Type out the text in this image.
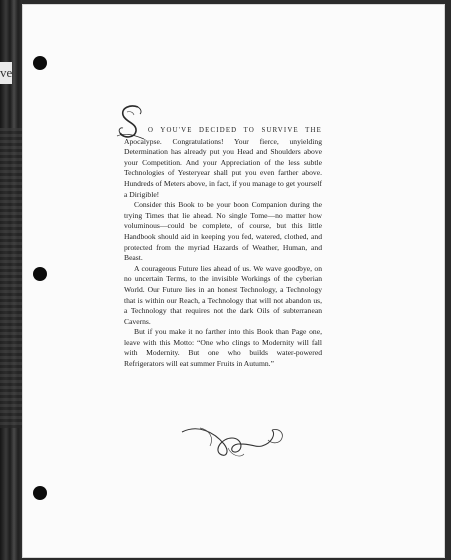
ve

O YOU'VE DECIDED TO SURVIVE THE Apocalypse. Congratulations! Your fierce, unyielding Determination has already put you Head and Shoulders above your Competition. And your Appreciation of the less subtle Technologies of Yesteryear shall put you even farther above. Hundreds of Meters above, in fact, if you manage to get yourself a Dirigible!

Consider this Book to be your boon Companion during the trying Times that lie ahead. No single Tome—no matter how voluminous—could be complete, of course, but this little Handbook should aid in keeping you fed, watered, clothed, and protected from the myriad Hazards of Weather, Human, and Beast.

A courageous Future lies ahead of us. We wave goodbye, on no uncertain Terms, to the invisible Workings of the cyberian World. Our Future lies in an honest Technology, a Technology that is within our Reach, a Technology that will not abandon us, a Technology that requires not the dark Oils of subterranean Caverns.

But if you make it no farther into this Book than Page one, leave with this Motto: “One who clings to Modernity will fall with Modernity. But one who builds water-powered Refrigerators will eat summer Fruits in Autumn.”
